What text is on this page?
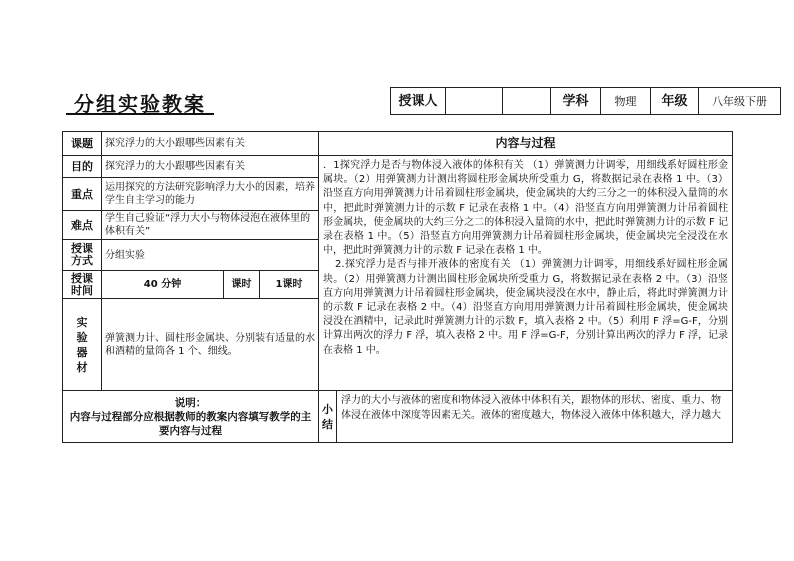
分组实验教案	授课人			学科	物理	年级	八年级下册
课题	探究浮力的大小跟哪些因素有关			内容与过程	
目的	探究浮力的大小跟哪些因素有关			．1探究浮力是否与物体浸入液体的体积有关 （1）弹簧测力计调零，用细线系好圆柱形金属块。（2）用弹簧测力计测出将圆柱形金属块所受重力 G，将数据记录在表格 1 中。（3）沿竖直方向用弹簧测力计吊着圆柱形金属块，使金属块的大约三分之一的体积浸入量筒的水中，把此时弹簧测力计的示数 F 记录在表格 1 中。（4）沿竖直方向用弹簧测力计吊着圆柱形金属块，使金属块的大约三分之二的体积浸入量筒的水中，把此时弹簧测力计的示数 F 记录在表格 1 中。（5）沿竖直方向用弹簧测力计吊着圆柱形金属块，使金属块完全浸没在水中，把此时弹簧测力计的示数 F 记录在表格 1 中。

2.探究浮力是否与排开液体的密度有关 （1）弹簧测力计调零，用细线系好圆柱形金属块。（2）用弹簧测力计测出圆柱形金属块所受重力 G，将数据记录在表格 2 中。（3）沿竖直方向用弹簧测力计吊着圆柱形金属块，使金属块浸没在水中，静止后，将此时弹簧测力计的示数 F 记录在表格 2 中。（4）沿竖直方向用用弹簧测力计吊着圆柱形金属块，使金属块浸没在酒精中，记录此时弹簧测力计的示数 F，填入表格 2 中。（5）利用 F 浮=G-F，分别计算出两次的浮力 F 浮，填入表格 2 中。用 F 浮=G-F，分别计算出两次的浮力 F 浮，记录在表格 1 中。	

重点	运用探究的方法研究影响浮力大小的因素，培养学生自主学习的能力				
难点	学生自己验证“浮力大小与物体浸泡在液体里的体积有关”				
授课方式	分组实验				
授课时间	40 分钟	课时	1课时		

实
验
器
材	弹簧测力计、圆柱形金属块、分别装有适量的水和酒精的量筒各 1 个、细线。				

说明：
内容与过程部分应根据教师的教案内容填写教学的主要内容与过程				小结	浮力的大小与液体的密度和物体浸入液体中体积有关，跟物体的形状、密度、重力、物体浸在液体中深度等因素无关。液体的密度越大，物体浸入液体中体积越大，浮力越大
